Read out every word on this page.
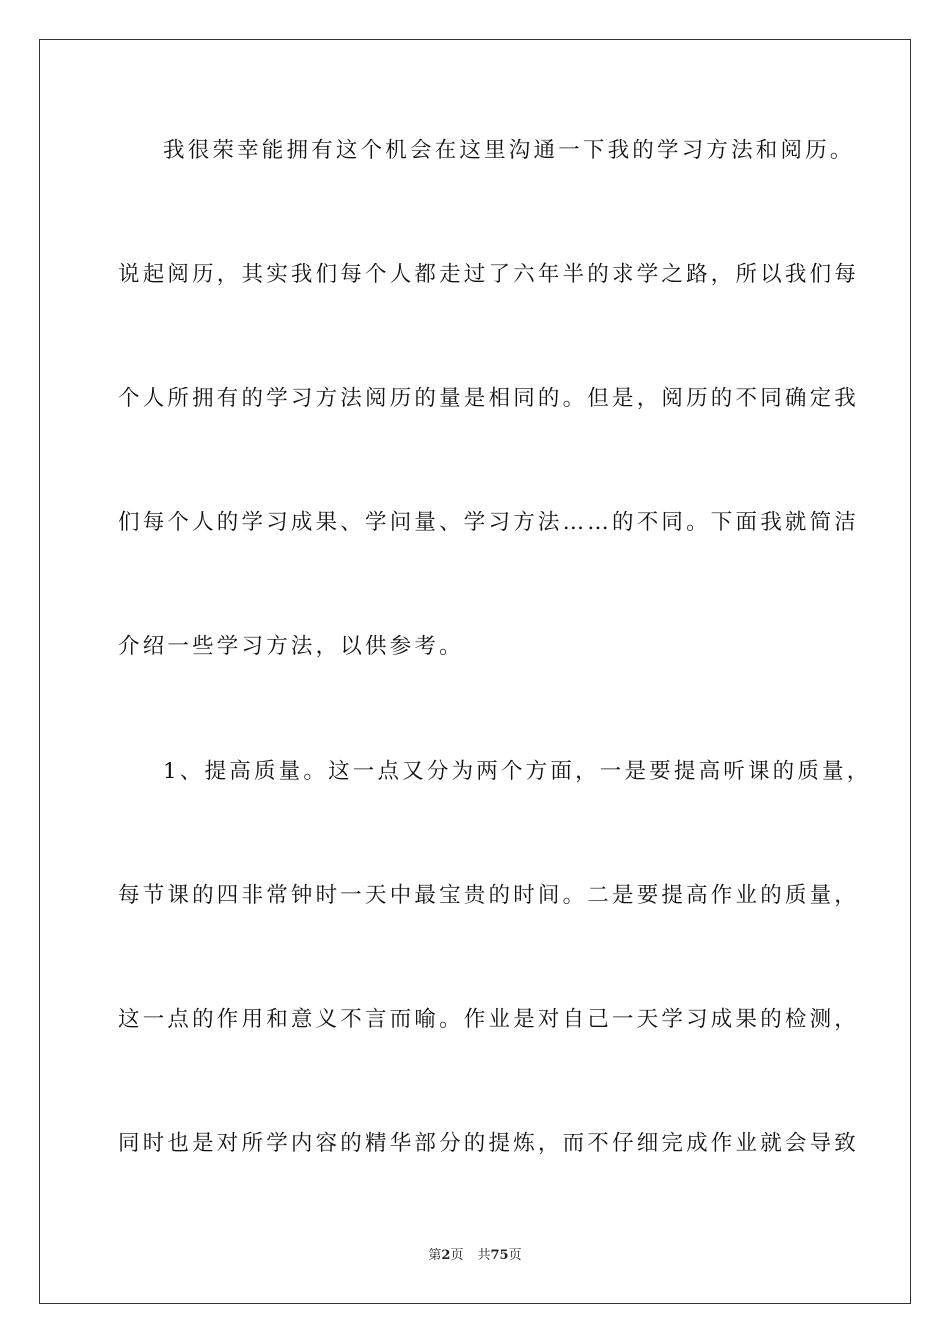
我很荣幸能拥有这个机会在这里沟通一下我的学习方法和阅历。
说起阅历，其实我们每个人都走过了六年半的求学之路，所以我们每
个人所拥有的学习方法阅历的量是相同的。但是，阅历的不同确定我
们每个人的学习成果、学问量、学习方法……的不同。下面我就简洁
介绍一些学习方法，以供参考。
1、提高质量。这一点又分为两个方面，一是要提高听课的质量，
每节课的四非常钟时一天中最宝贵的时间。二是要提高作业的质量，
这一点的作用和意义不言而喻。作业是对自己一天学习成果的检测，
同时也是对所学内容的精华部分的提炼，而不仔细完成作业就会导致
第2页 共75页
